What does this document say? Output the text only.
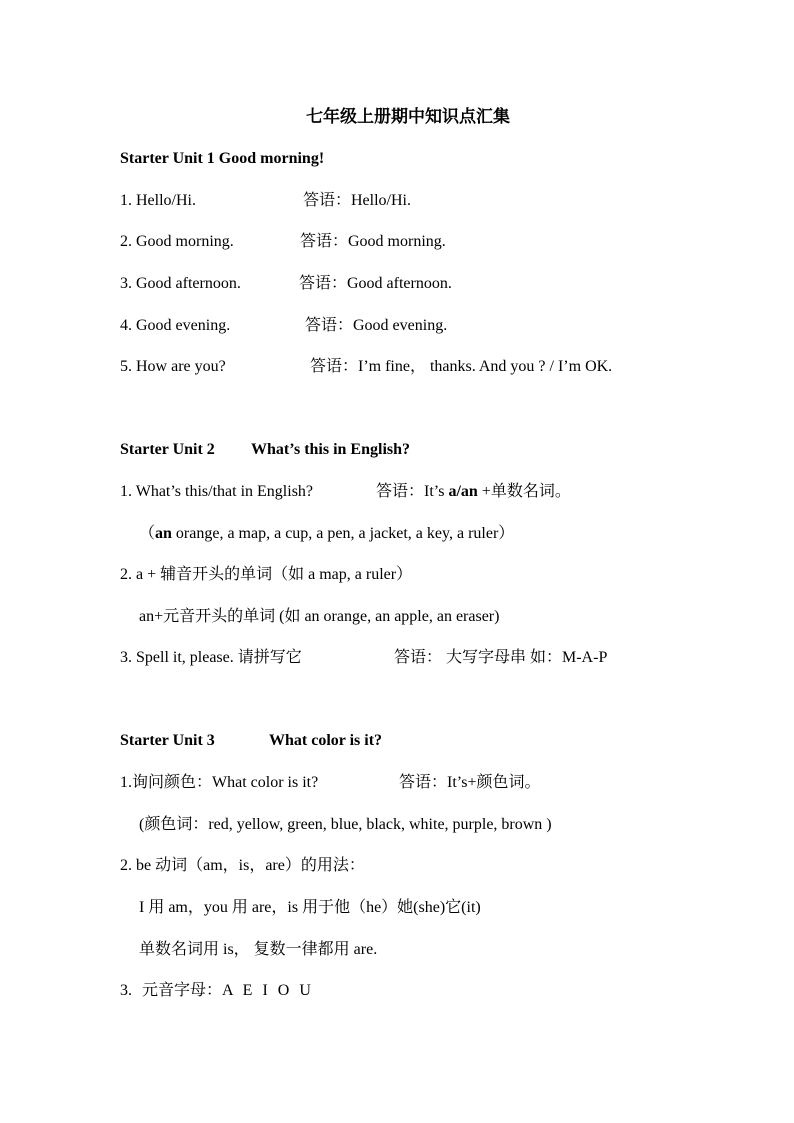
七年级上册期中知识点汇集
Starter Unit 1 Good morning!
1. Hello/Hi.	答语：Hello/Hi.
2. Good morning.	答语：Good morning.
3. Good afternoon.	答语：Good afternoon.
4. Good evening.	答语：Good evening.
5. How are you?	答语：I’m fine， thanks. And you ? / I’m OK.
Starter Unit 2 What’s this in English?
1. What’s this/that in English?	答语：It’s a/an +单数名词。
（an orange, a map, a cup, a pen, a jacket, a key, a ruler）
2. a + 辅音开头的单词（如 a map, a ruler）
an+元音开头的单词 (如 an orange, an apple, an eraser)
3. Spell it, please. 请拼写它	答语： 大写字母串 如：M-A-P
Starter Unit 3	What color is it?
1.询问颜色：What color is it?	答语：It’s+颜色词。
(颜色词：red, yellow, green, blue, black, white, purple, brown )
2. be 动词（am，is，are）的用法：
I 用 am，you 用 are，is 用于他（he）她(she)它(it)
单数名词用 is， 复数一律都用 are.
3. 元音字母：A E I O U
